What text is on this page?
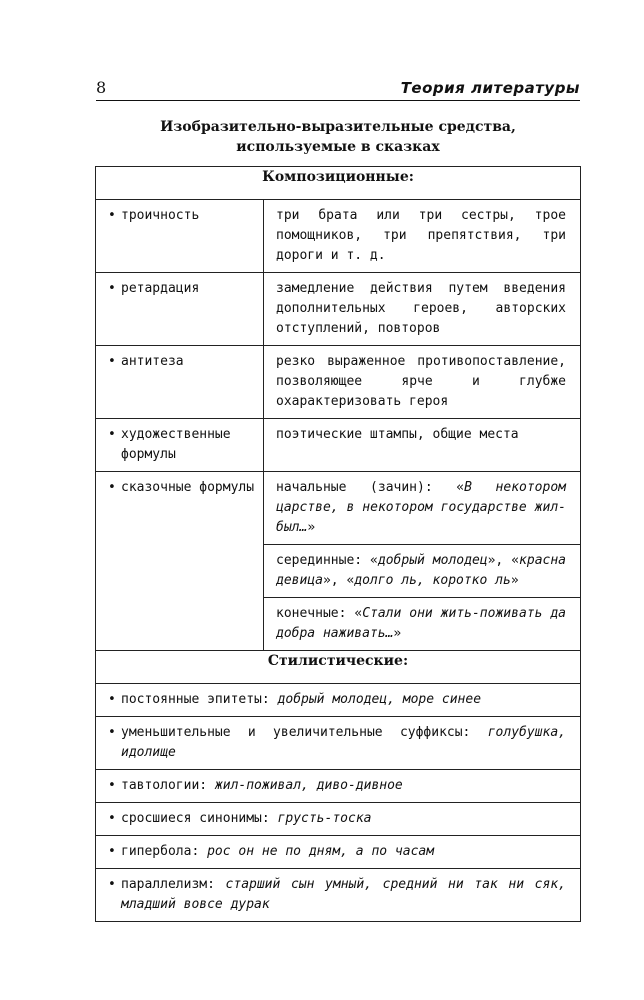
8	Теория литературы
Изобразительно-выразительные средства,
используемые в сказках
Композиционные:	

• троичность	три брата или три сестры, трое помощников, три препятствия, три дороги и т. д.

• ретардация	замедление действия путем введения дополнительных героев, авторских отступлений, повторов

• антитеза	резко выраженное противопоставление, позволяющее ярче и глубже охарактеризовать героя

• художественные формулы	поэтические штампы, общие места

• сказочные формулы	начальные (зачин): «В некотором царстве, в некотором государстве жил-был…»
	серединные: «добрый молодец», «красна девица», «долго ль, коротко ль»
	конечные: «Стали они жить-поживать да добра наживать…»
Стилистические:	

• постоянные эпитеты: добрый молодец, море синее	

• уменьшительные и увеличительные суффиксы: голубушка, идолище	

• тавтологии: жил-поживал, диво-дивное	

• сросшиеся синонимы: грусть-тоска	

• гипербола: рос он не по дням, а по часам	

• параллелизм: старший сын умный, средний ни так ни сяк, младший вовсе дурак	
